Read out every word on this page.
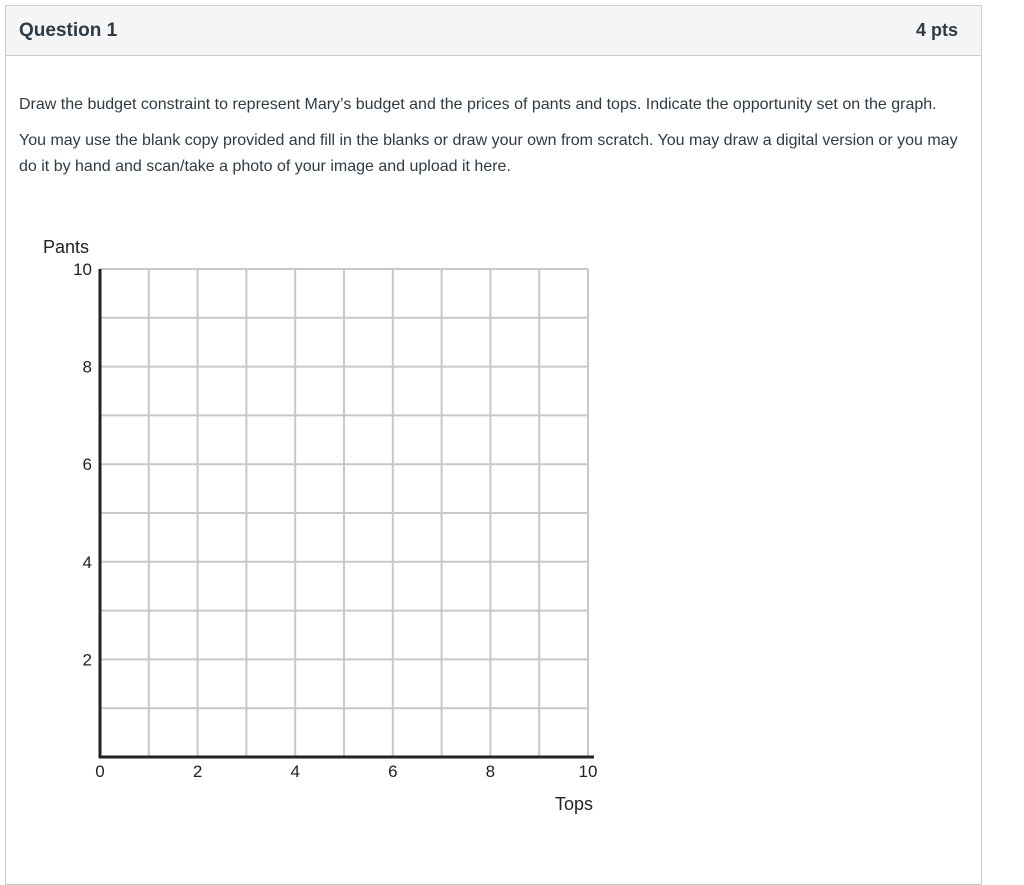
Question 1	4 pts

Draw the budget constraint to represent Mary’s budget and the prices of pants and tops. Indicate the opportunity set on the graph.

You may use the blank copy provided and fill in the blanks or draw your own from scratch. You may draw a digital version or you may do it by hand and scan/take a photo of your image and upload it here.

0	2	4	6	8	10
2
4
6
8
10
Pants
Tops
